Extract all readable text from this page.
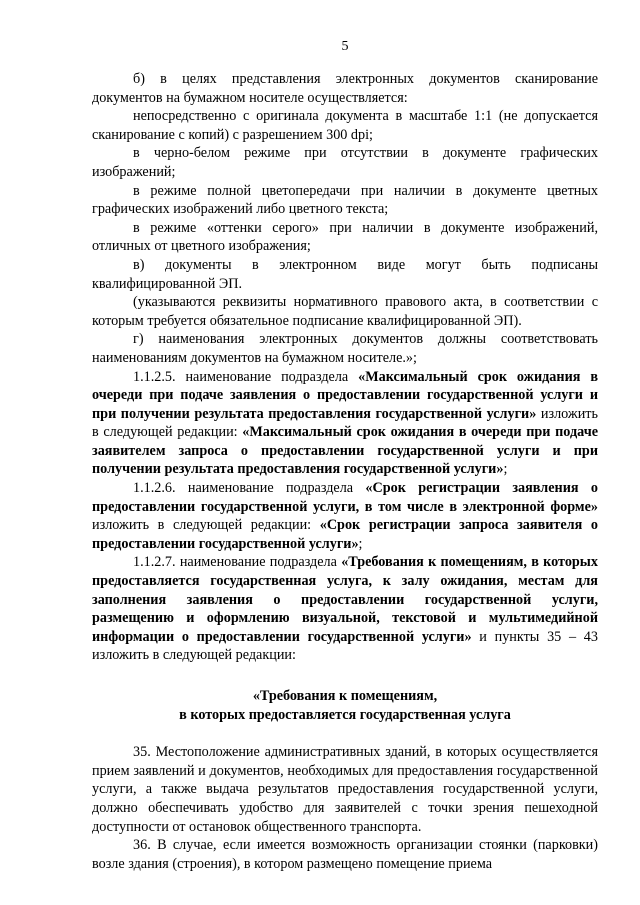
5

б) в целях представления электронных документов сканирование документов на бумажном носителе осуществляется:

непосредственно с оригинала документа в масштабе 1:1 (не допускается сканирование с копий) с разрешением 300 dpi;

в черно-белом режиме при отсутствии в документе графических изображений;

в режиме полной цветопередачи при наличии в документе цветных графических изображений либо цветного текста;

в режиме «оттенки серого» при наличии в документе изображений, отличных от цветного изображения;

в) документы в электронном виде могут быть подписаны квалифицированной ЭП.

(указываются реквизиты нормативного правового акта, в соответствии с которым требуется обязательное подписание квалифицированной ЭП).

г) наименования электронных документов должны соответствовать наименованиям документов на бумажном носителе.»;

1.1.2.5. наименование подраздела «Максимальный срок ожидания в очереди при подаче заявления о предоставлении государственной услуги и при получении результата предоставления государственной услуги» изложить в следующей редакции: «Максимальный срок ожидания в очереди при подаче заявителем запроса о предоставлении государственной услуги и при получении результата предоставления государственной услуги»;

1.1.2.6. наименование подраздела «Срок регистрации заявления о предоставлении государственной услуги, в том числе в электронной форме» изложить в следующей редакции: «Срок регистрации запроса заявителя о предоставлении государственной услуги»;

1.1.2.7. наименование подраздела «Требования к помещениям, в которых предоставляется государственная услуга, к залу ожидания, местам для заполнения заявления о предоставлении государственной услуги, размещению и оформлению визуальной, текстовой и мультимедийной информации о предоставлении государственной услуги» и пункты 35 – 43 изложить в следующей редакции:

«Требования к помещениям,
в которых предоставляется государственная услуга

35. Местоположение административных зданий, в которых осуществляется прием заявлений и документов, необходимых для предоставления государственной услуги, а также выдача результатов предоставления государственной услуги, должно обеспечивать удобство для заявителей с точки зрения пешеходной доступности от остановок общественного транспорта.

36. В случае, если имеется возможность организации стоянки (парковки) возле здания (строения), в котором размещено помещение приема
